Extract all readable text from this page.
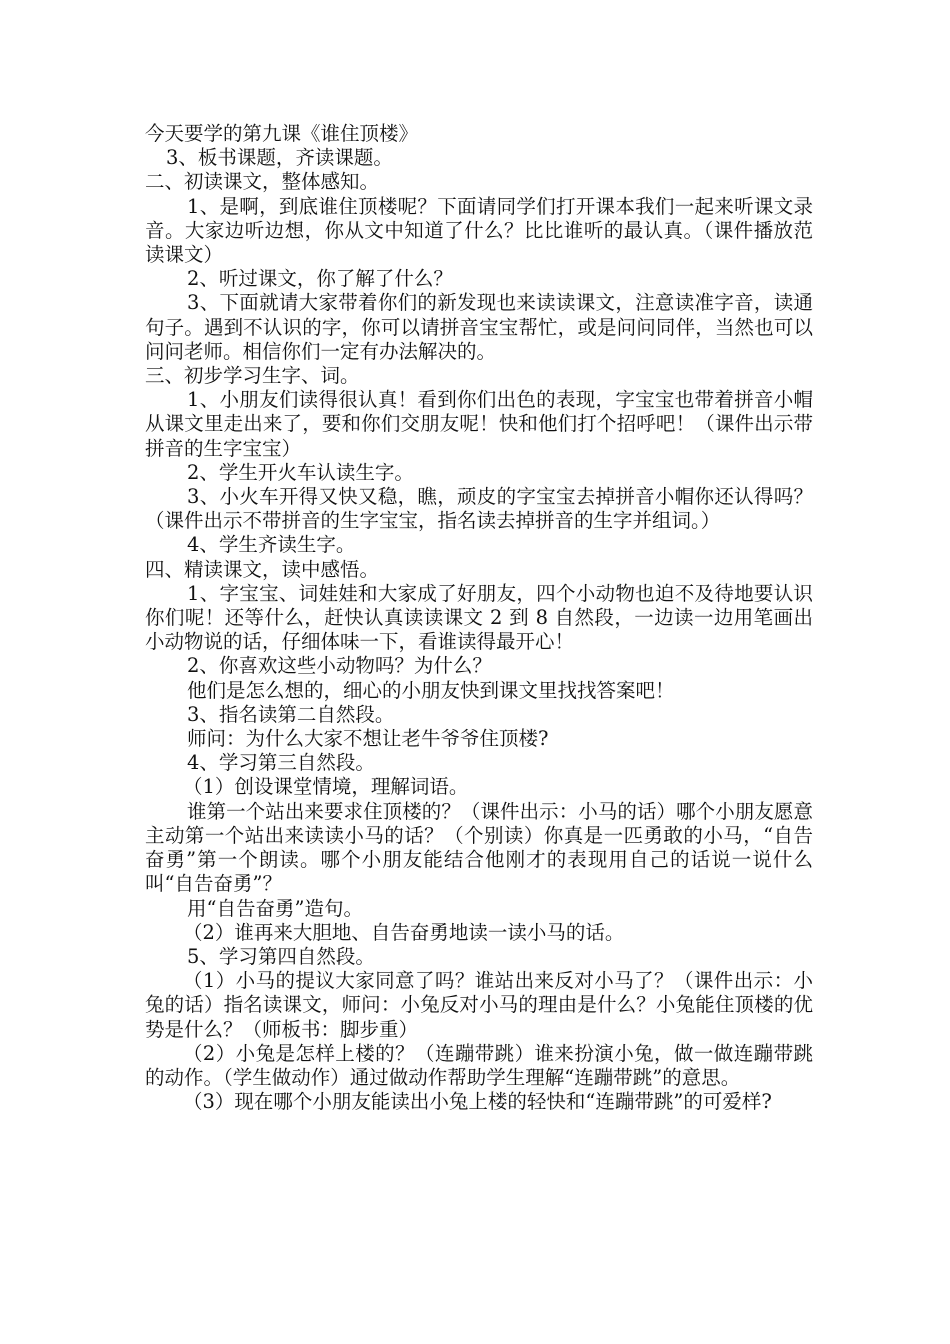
今天要学的第九课《谁住顶楼》

3、板书课题，齐读课题。

二、初读课文，整体感知。

1、是啊，到底谁住顶楼呢？下面请同学们打开课本我们一起来听课文录音。大家边听边想，你从文中知道了什么？比比谁听的最认真。（课件播放范读课文）

2、听过课文，你了解了什么？

3、下面就请大家带着你们的新发现也来读读课文，注意读准字音，读通句子。遇到不认识的字，你可以请拼音宝宝帮忙，或是问问同伴，当然也可以问问老师。相信你们一定有办法解决的。

三、初步学习生字、词。

1、小朋友们读得很认真！看到你们出色的表现，字宝宝也带着拼音小帽从课文里走出来了，要和你们交朋友呢！快和他们打个招呼吧！（课件出示带拼音的生字宝宝）

2、学生开火车认读生字。

3、小火车开得又快又稳，瞧，顽皮的字宝宝去掉拼音小帽你还认得吗？（课件出示不带拼音的生字宝宝，指名读去掉拼音的生字并组词。）

4、学生齐读生字。

四、精读课文，读中感悟。

1、字宝宝、词娃娃和大家成了好朋友，四个小动物也迫不及待地要认识你们呢！还等什么，赶快认真读读课文 2 到 8 自然段，一边读一边用笔画出小动物说的话，仔细体味一下，看谁读得最开心！

2、你喜欢这些小动物吗？为什么？

他们是怎么想的，细心的小朋友快到课文里找找答案吧！

3、指名读第二自然段。

师问：为什么大家不想让老牛爷爷住顶楼?

4、学习第三自然段。

（1）创设课堂情境，理解词语。

谁第一个站出来要求住顶楼的？（课件出示：小马的话）哪个小朋友愿意主动第一个站出来读读小马的话？（个别读）你真是一匹勇敢的小马，“自告奋勇”第一个朗读。哪个小朋友能结合他刚才的表现用自己的话说一说什么叫“自告奋勇”？

用“自告奋勇”造句。

（2）谁再来大胆地、自告奋勇地读一读小马的话。

5、学习第四自然段。

（1）小马的提议大家同意了吗？谁站出来反对小马了？（课件出示：小兔的话）指名读课文，师问：小兔反对小马的理由是什么？小兔能住顶楼的优势是什么？（师板书：脚步重）

（2）小兔是怎样上楼的？（连蹦带跳）谁来扮演小兔，做一做连蹦带跳的动作。（学生做动作）通过做动作帮助学生理解“连蹦带跳”的意思。

（3）现在哪个小朋友能读出小兔上楼的轻快和“连蹦带跳”的可爱样?
